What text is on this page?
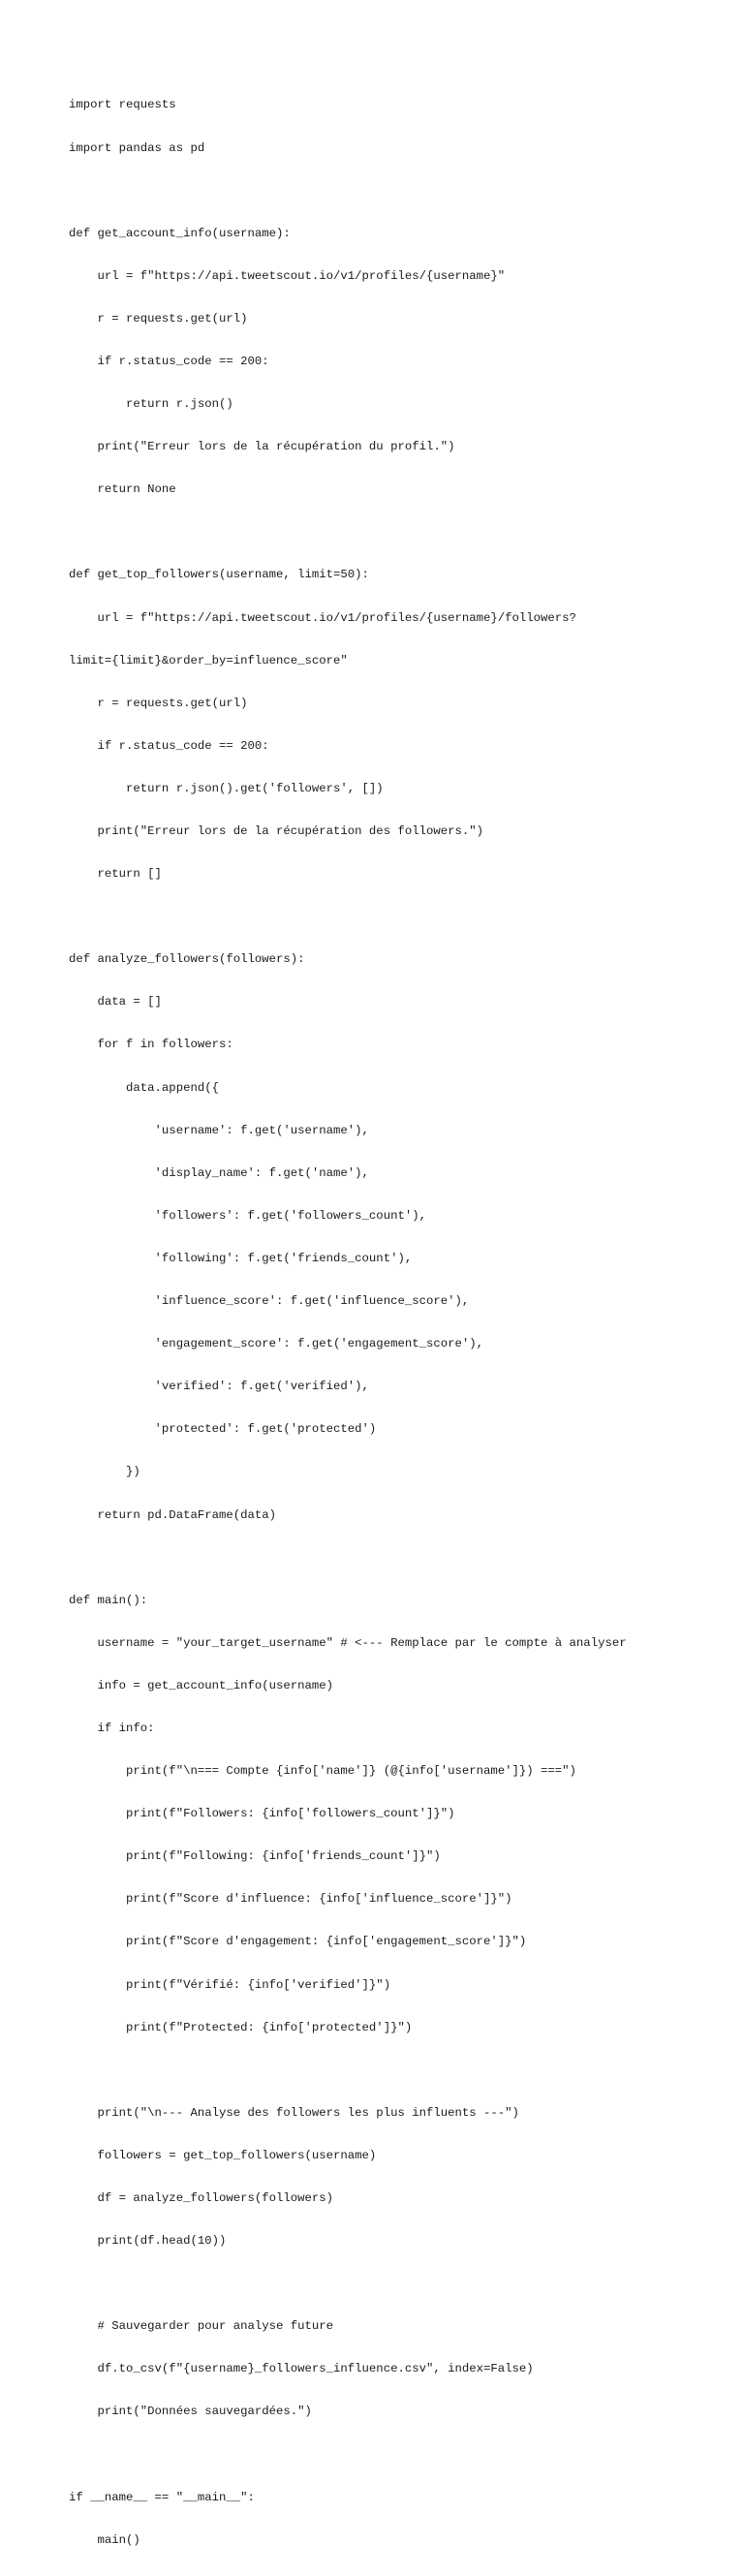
import requests

import pandas as pd

def get_account_info(username):

url = f"https://api.tweetscout.io/v1/profiles/{username}"

r = requests.get(url)

if r.status_code == 200:

return r.json()

print("Erreur lors de la récupération du profil.")

return None

def get_top_followers(username, limit=50):

url = f"https://api.tweetscout.io/v1/profiles/{username}/followers?

limit={limit}&order_by=influence_score"

r = requests.get(url)

if r.status_code == 200:

return r.json().get('followers', [])

print("Erreur lors de la récupération des followers.")

return []

def analyze_followers(followers):

data = []

for f in followers:

data.append({

'username': f.get('username'),

'display_name': f.get('name'),

'followers': f.get('followers_count'),

'following': f.get('friends_count'),

'influence_score': f.get('influence_score'),

'engagement_score': f.get('engagement_score'),

'verified': f.get('verified'),

'protected': f.get('protected')

})

return pd.DataFrame(data)

def main():

username = "your_target_username" # <--- Remplace par le compte à analyser

info = get_account_info(username)

if info:

print(f"\n=== Compte {info['name']} (@{info['username']}) ===")

print(f"Followers: {info['followers_count']}")

print(f"Following: {info['friends_count']}")

print(f"Score d'influence: {info['influence_score']}")

print(f"Score d'engagement: {info['engagement_score']}")

print(f"Vérifié: {info['verified']}")

print(f"Protected: {info['protected']}")

print("\n--- Analyse des followers les plus influents ---")

followers = get_top_followers(username)

df = analyze_followers(followers)

print(df.head(10))

# Sauvegarder pour analyse future

df.to_csv(f"{username}_followers_influence.csv", index=False)

print("Données sauvegardées.")

if __name__ == "__main__":

main()
